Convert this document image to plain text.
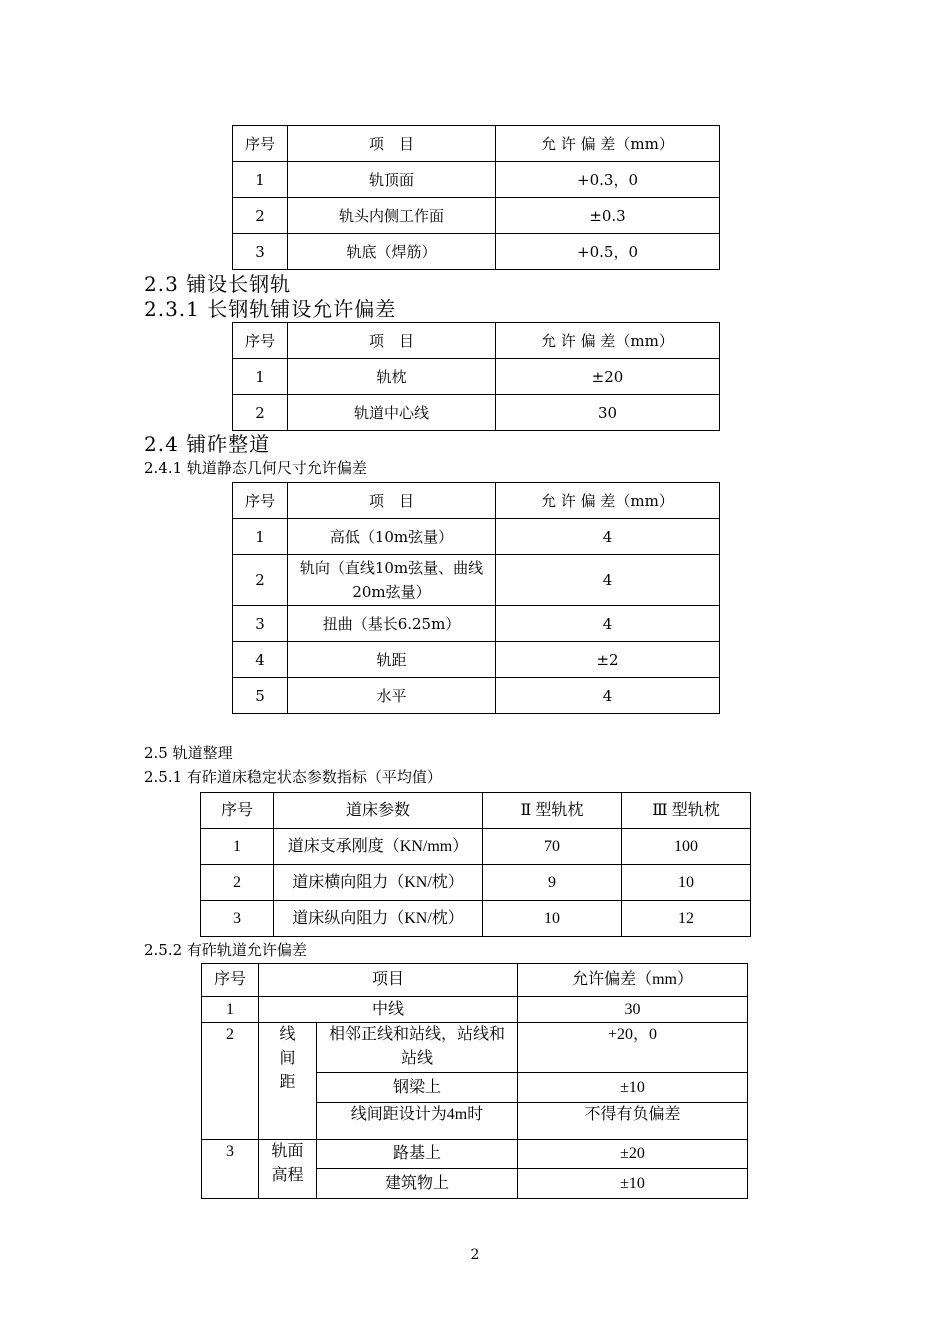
序号	项　目	允 许 偏 差（mm）
1	轨顶面	+0.3，0
2	轨头内侧工作面	±0.3
3	轨底（焊筋）	+0.5，0
2.3 铺设长钢轨
2.3.1 长钢轨铺设允许偏差
序号	项　目	允 许 偏 差（mm）
1	轨枕	±20
2	轨道中心线	30
2.4 铺砟整道
2.4.1 轨道静态几何尺寸允许偏差
序号	项　目	允 许 偏 差（mm）
1	高低（10m弦量）	4
2	轨向（直线10m弦量、曲线20m弦量）	4
3	扭曲（基长6.25m）	4
4	轨距	±2
5	水平	4
2.5 轨道整理
2.5.1 有砟道床稳定状态参数指标（平均值）
序号	道床参数	Ⅱ 型轨枕	Ⅲ 型轨枕
1	道床支承刚度（KN/mm）	70	100
2	道床横向阻力（KN/枕）	9	10
3	道床纵向阻力（KN/枕）	10	12
2.5.2 有砟轨道允许偏差
序号	项目		允许偏差（mm）
1	中线		30
2	线间距	相邻正线和站线，站线和站线	+20，0
		钢梁上	±10
		线间距设计为4m时	不得有负偏差
3	轨面高程	路基上	±20
		建筑物上	±10
2
